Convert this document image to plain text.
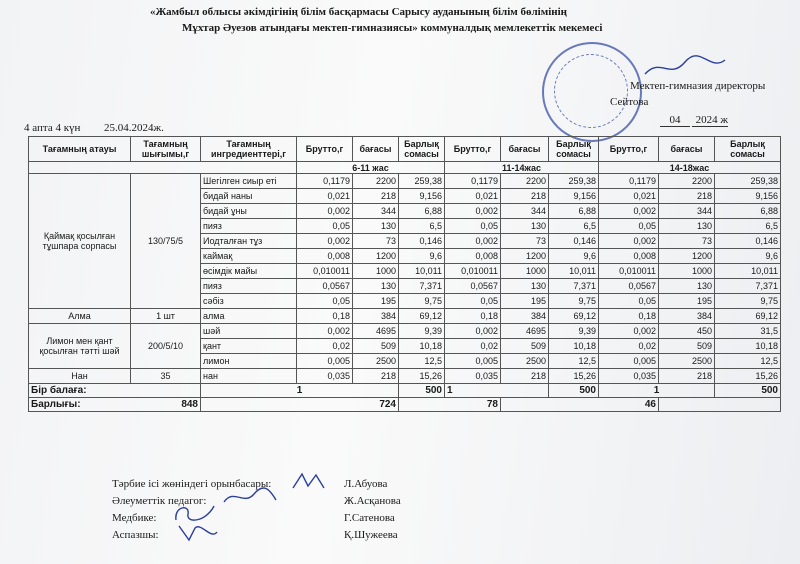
«Жамбыл облысы әкімдігінің білім басқармасы Сарысу ауданының білім бөлімінің
Мұхтар Әуезов атындағы мектеп-гимназиясы» коммуналдық мемлекеттік мекемесі
Мектеп-гимназия директоры
Сейтова
04	2024 ж
4 апта 4 күн 25.04.2024ж.
Тағамның атауы	Тағамның шығымы,г	Тағамның ингредиенттері,г	Брутто,г	бағасы	Барлық сомасы	Брутто,г	бағасы	Барлық сомасы	Брутто,г	бағасы	Барлық сомасы
			6-11 жас			11-14жас			14-18жас		
Қаймақ қосылған тұшпара сорпасы	130/75/5	Шегілген сиыр еті	0,1179	2200	259,38	0,1179	2200	259,38	0,1179	2200	259,38
		бидай наны	0,021	218	9,156	0,021	218	9,156	0,021	218	9,156
		бидай ұны	0,002	344	6,88	0,002	344	6,88	0,002	344	6,88
		пияз	0,05	130	6,5	0,05	130	6,5	0,05	130	6,5
		Иодталған тұз	0,002	73	0,146	0,002	73	0,146	0,002	73	0,146
		каймақ	0,008	1200	9,6	0,008	1200	9,6	0,008	1200	9,6
		өсімдік майы	0,010011	1000	10,011	0,010011	1000	10,011	0,010011	1000	10,011
		пияз	0,0567	130	7,371	0,0567	130	7,371	0,0567	130	7,371
		сәбіз	0,05	195	9,75	0,05	195	9,75	0,05	195	9,75
Алма	1 шт	алма	0,18	384	69,12	0,18	384	69,12	0,18	384	69,12
Лимон мен қант қосылған тәтті шәй	200/5/10	шәй	0,002	4695	9,39	0,002	4695	9,39	0,002	450	31,5
		қант	0,02	509	10,18	0,02	509	10,18	0,02	509	10,18
		лимон	0,005	2500	12,5	0,005	2500	12,5	0,005	2500	12,5
Нан	35	нан	0,035	218	15,26	0,035	218	15,26	0,035	218	15,26
Бір балаға:		1			500	1		500	1		500
Барлығы: 848		724			78		46				
Тәрбие ісі жөніндегі орынбасары:	Л.Абуова
Әлеуметтік педагог:	Ж.Асқанова
Медбике:	Г.Сатенова
Аспазшы:	Қ.Шужеева
